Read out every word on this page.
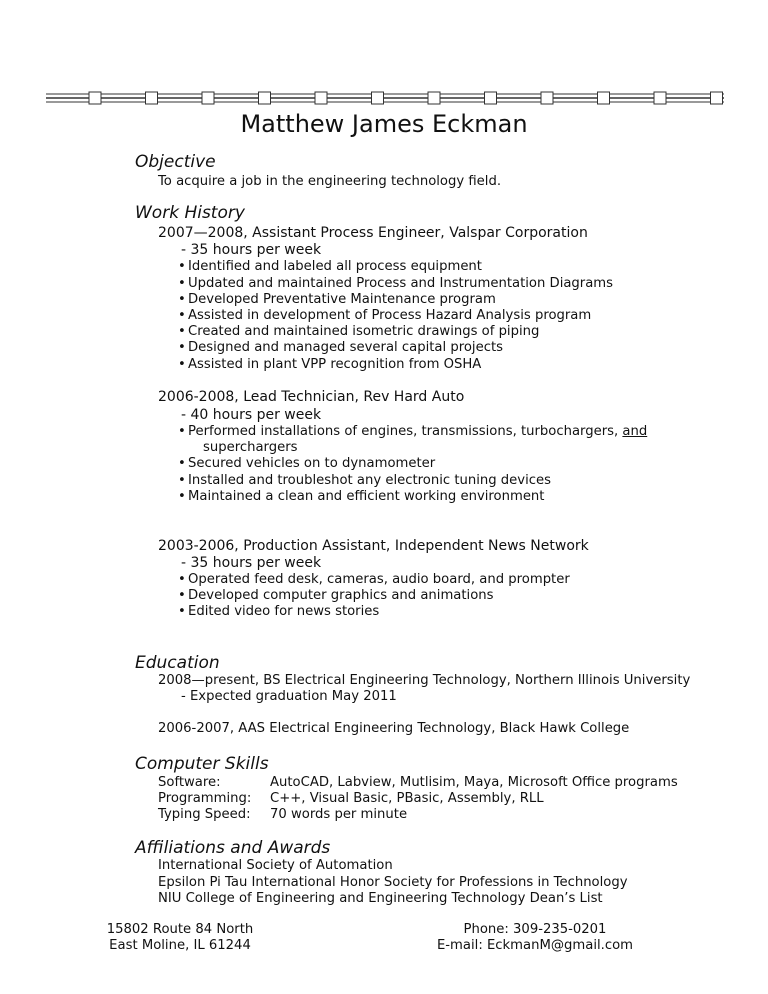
Matthew James Eckman
Objective
To acquire a job in the engineering technology field.
Work History
2007—2008, Assistant Process Engineer, Valspar Corporation
- 35 hours per week
• Identified and labeled all process equipment
• Updated and maintained Process and Instrumentation Diagrams
• Developed Preventative Maintenance program
• Assisted in development of Process Hazard Analysis program
• Created and maintained isometric drawings of piping
• Designed and managed several capital projects
• Assisted in plant VPP recognition from OSHA
2006-2008, Lead Technician, Rev Hard Auto
- 40 hours per week
• Performed installations of engines, transmissions, turbochargers, and
superchargers
• Secured vehicles on to dynamometer
• Installed and troubleshot any electronic tuning devices
• Maintained a clean and efficient working environment
2003-2006, Production Assistant, Independent News Network
- 35 hours per week
• Operated feed desk, cameras, audio board, and prompter
• Developed computer graphics and animations
• Edited video for news stories
Education
2008—present, BS Electrical Engineering Technology, Northern Illinois University
- Expected graduation May 2011
2006-2007, AAS Electrical Engineering Technology, Black Hawk College
Computer Skills
Software:	AutoCAD, Labview, Mutlisim, Maya, Microsoft Office programs
Programming: C++, Visual Basic, PBasic, Assembly, RLL
Typing Speed: 70 words per minute
Affiliations and Awards
International Society of Automation
Epsilon Pi Tau International Honor Society for Professions in Technology
NIU College of Engineering and Engineering Technology Dean’s List
15802 Route 84 North
East Moline, IL 61244
Phone: 309-235-0201
E-mail: EckmanM@gmail.com
